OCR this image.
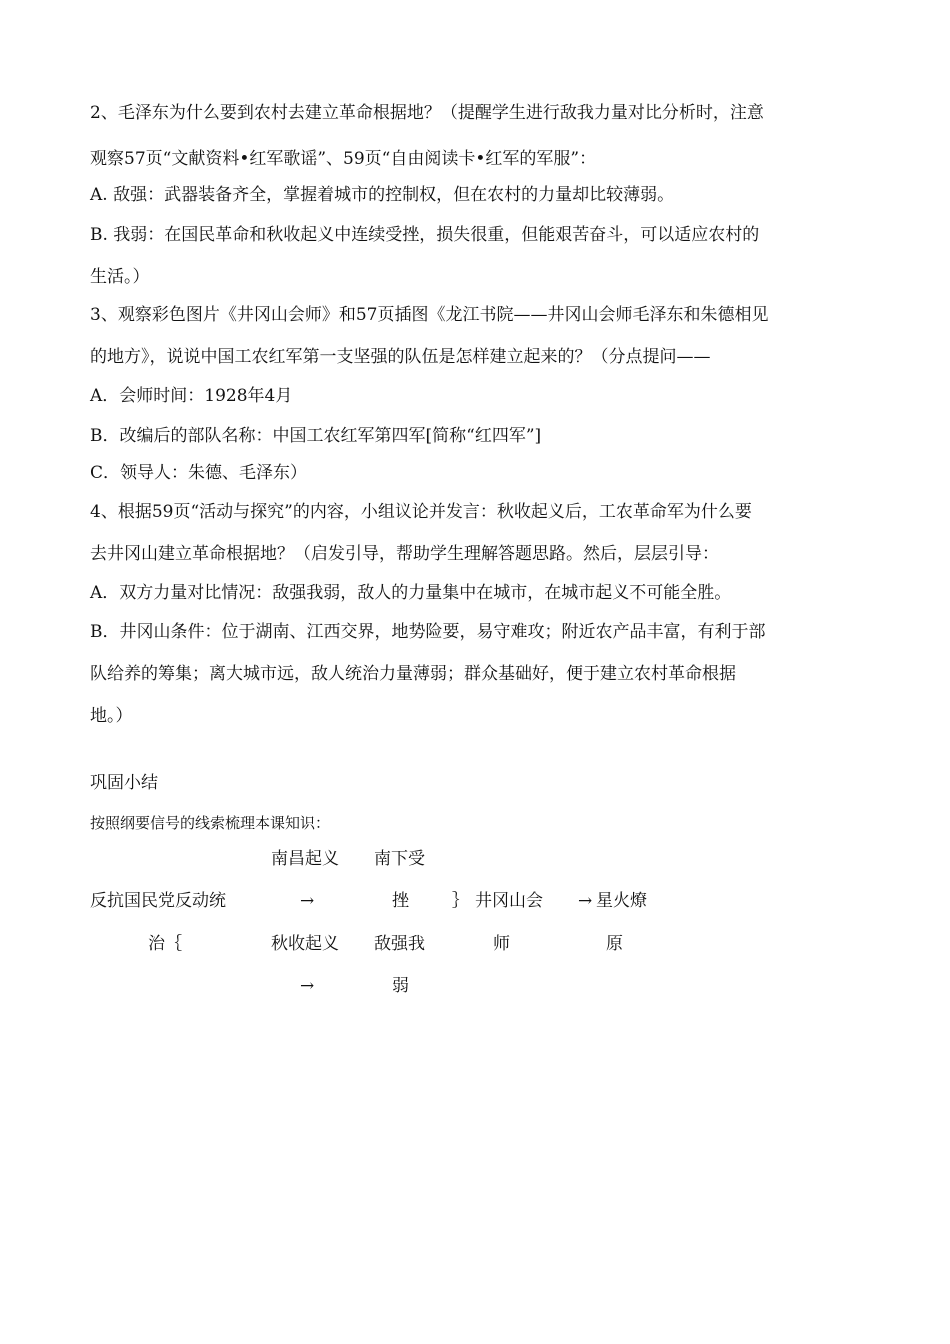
2、毛泽东为什么要到农村去建立革命根据地？（提醒学生进行敌我力量对比分析时，注意
观察57页“文献资料•红军歌谣”、59页“自由阅读卡•红军的军服”：
A. 敌强：武器装备齐全，掌握着城市的控制权，但在农村的力量却比较薄弱。
B. 我弱：在国民革命和秋收起义中连续受挫，损失很重，但能艰苦奋斗，可以适应农村的
生活。）
3、观察彩色图片《井冈山会师》和57页插图《龙江书院——井冈山会师毛泽东和朱德相见
的地方》，说说中国工农红军第一支坚强的队伍是怎样建立起来的？（分点提问——
A．会师时间：1928年4月
B．改编后的部队名称：中国工农红军第四军[简称“红四军”]
C．领导人：朱德、毛泽东）
4、根据59页“活动与探究”的内容，小组议论并发言：秋收起义后，工农革命军为什么要
去井冈山建立革命根据地？（启发引导，帮助学生理解答题思路。然后，层层引导：
A．双方力量对比情况：敌强我弱，敌人的力量集中在城市，在城市起义不可能全胜。
B．井冈山条件：位于湖南、江西交界，地势险要，易守难攻；附近农产品丰富，有利于部
队给养的筹集；离大城市远，敌人统治力量薄弱；群众基础好，便于建立农村革命根据
地。）
巩固小结
按照纲要信号的线索梳理本课知识：
南昌起义 南下受
反抗国民党反动统	→	挫	｝ 井冈山会 → 星火燎
治｛	秋收起义 敌强我	师	原
→	弱
